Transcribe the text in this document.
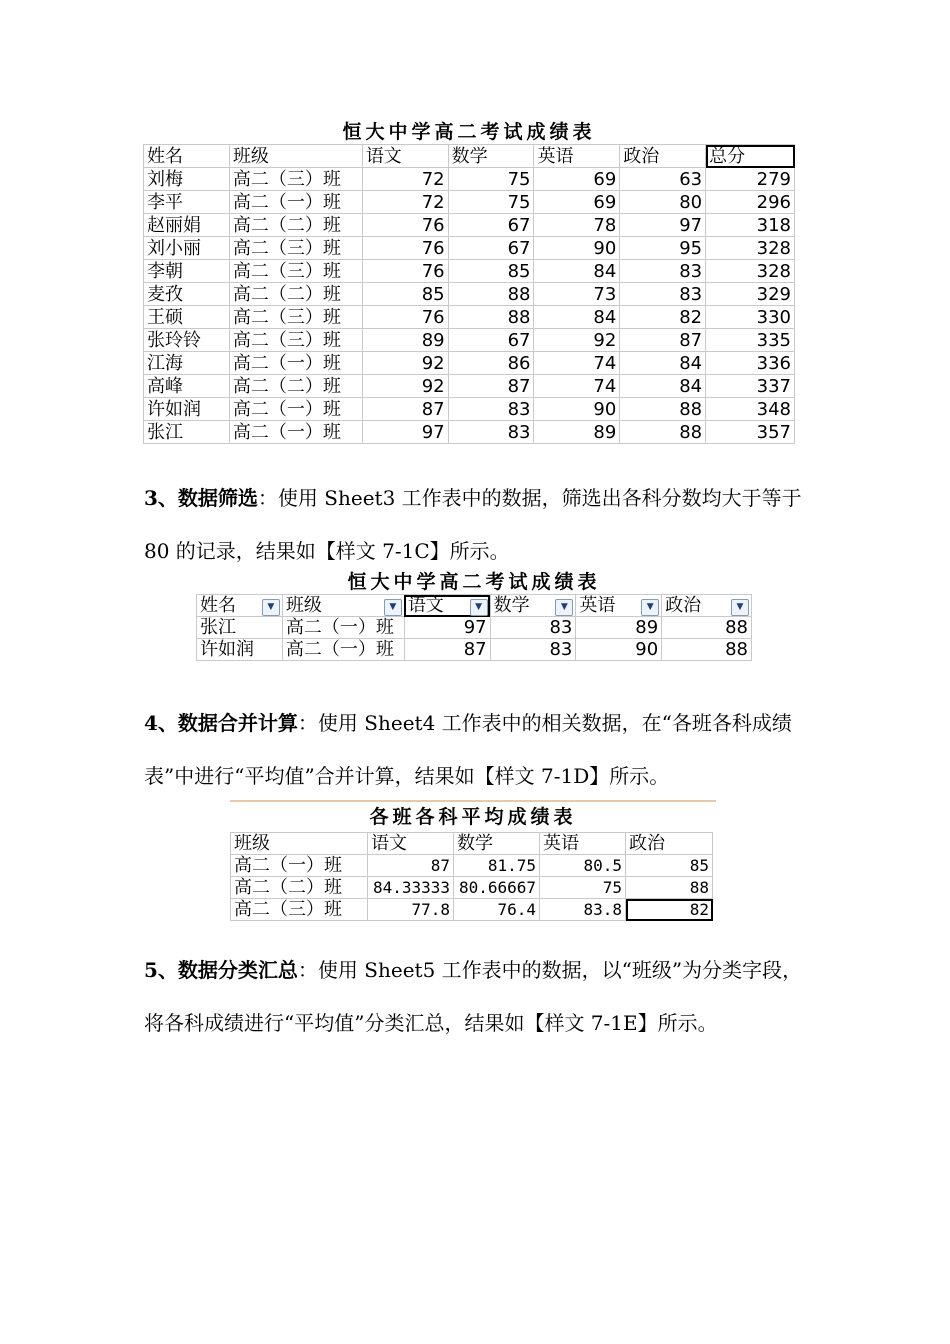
恒大中学高二考试成绩表
姓名	班级	语文	数学	英语	政治	总分
刘梅	高二（三）班	72	75	69	63	279
李平	高二（一）班	72	75	69	80	296
赵丽娟	高二（二）班	76	67	78	97	318
刘小丽	高二（三）班	76	67	90	95	328
李朝	高二（三）班	76	85	84	83	328
麦孜	高二（二）班	85	88	73	83	329
王硕	高二（三）班	76	88	84	82	330
张玲铃	高二（三）班	89	67	92	87	335
江海	高二（一）班	92	86	74	84	336
高峰	高二（二）班	92	87	74	84	337
许如润	高二（一）班	87	83	90	88	348
张江	高二（一）班	97	83	89	88	357
3、数据筛选：使用 Sheet3 工作表中的数据，筛选出各科分数均大于等于 80 的记录，结果如【样文 7-1C】所示。
恒大中学高二考试成绩表
姓名 ▼	班级 ▼	语文 ▼	数学 ▼	英语 ▼	政治 ▼

张江	高二（一）班	97	83	89	88
许如润	高二（一）班	87	83	90	88
4、数据合并计算：使用 Sheet4 工作表中的相关数据，在“各班各科成绩表”中进行“平均值”合并计算，结果如【样文 7-1D】所示。
各班各科平均成绩表
班级	语文	数学	英语	政治
高二（一）班	87	81.75	80.5	85
高二（二）班	84.33333	80.66667	75	88
高二（三）班	77.8	76.4	83.8	82
5、数据分类汇总：使用 Sheet5 工作表中的数据，以“班级”为分类字段，将各科成绩进行“平均值”分类汇总，结果如【样文 7-1E】所示。
